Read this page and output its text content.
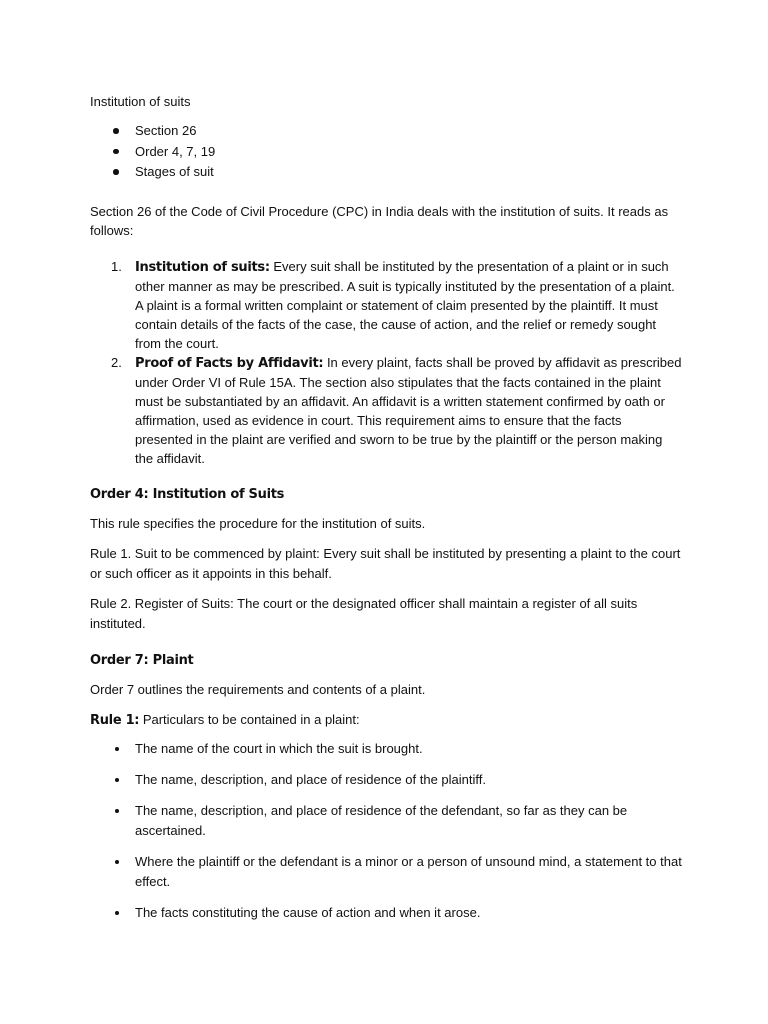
Institution of suits

Section 26
Order 4, 7, 19
Stages of suit

Section 26 of the Code of Civil Procedure (CPC) in India deals with the institution of suits. It reads as follows:

1. Institution of suits: Every suit shall be instituted by the presentation of a plaint or in such other manner as may be prescribed. A suit is typically instituted by the presentation of a plaint. A plaint is a formal written complaint or statement of claim presented by the plaintiff. It must contain details of the facts of the case, the cause of action, and the relief or remedy sought from the court.
2. Proof of Facts by Affidavit: In every plaint, facts shall be proved by affidavit as prescribed under Order VI of Rule 15A. The section also stipulates that the facts contained in the plaint must be substantiated by an affidavit. An affidavit is a written statement confirmed by oath or affirmation, used as evidence in court. This requirement aims to ensure that the facts presented in the plaint are verified and sworn to be true by the plaintiff or the person making the affidavit.

Order 4: Institution of Suits

This rule specifies the procedure for the institution of suits.

Rule 1. Suit to be commenced by plaint: Every suit shall be instituted by presenting a plaint to the court or such officer as it appoints in this behalf.

Rule 2. Register of Suits: The court or the designated officer shall maintain a register of all suits instituted.

Order 7: Plaint

Order 7 outlines the requirements and contents of a plaint.

Rule 1: Particulars to be contained in a plaint:

The name of the court in which the suit is brought.
The name, description, and place of residence of the plaintiff.
The name, description, and place of residence of the defendant, so far as they can be ascertained.
Where the plaintiff or the defendant is a minor or a person of unsound mind, a statement to that effect.
The facts constituting the cause of action and when it arose.
